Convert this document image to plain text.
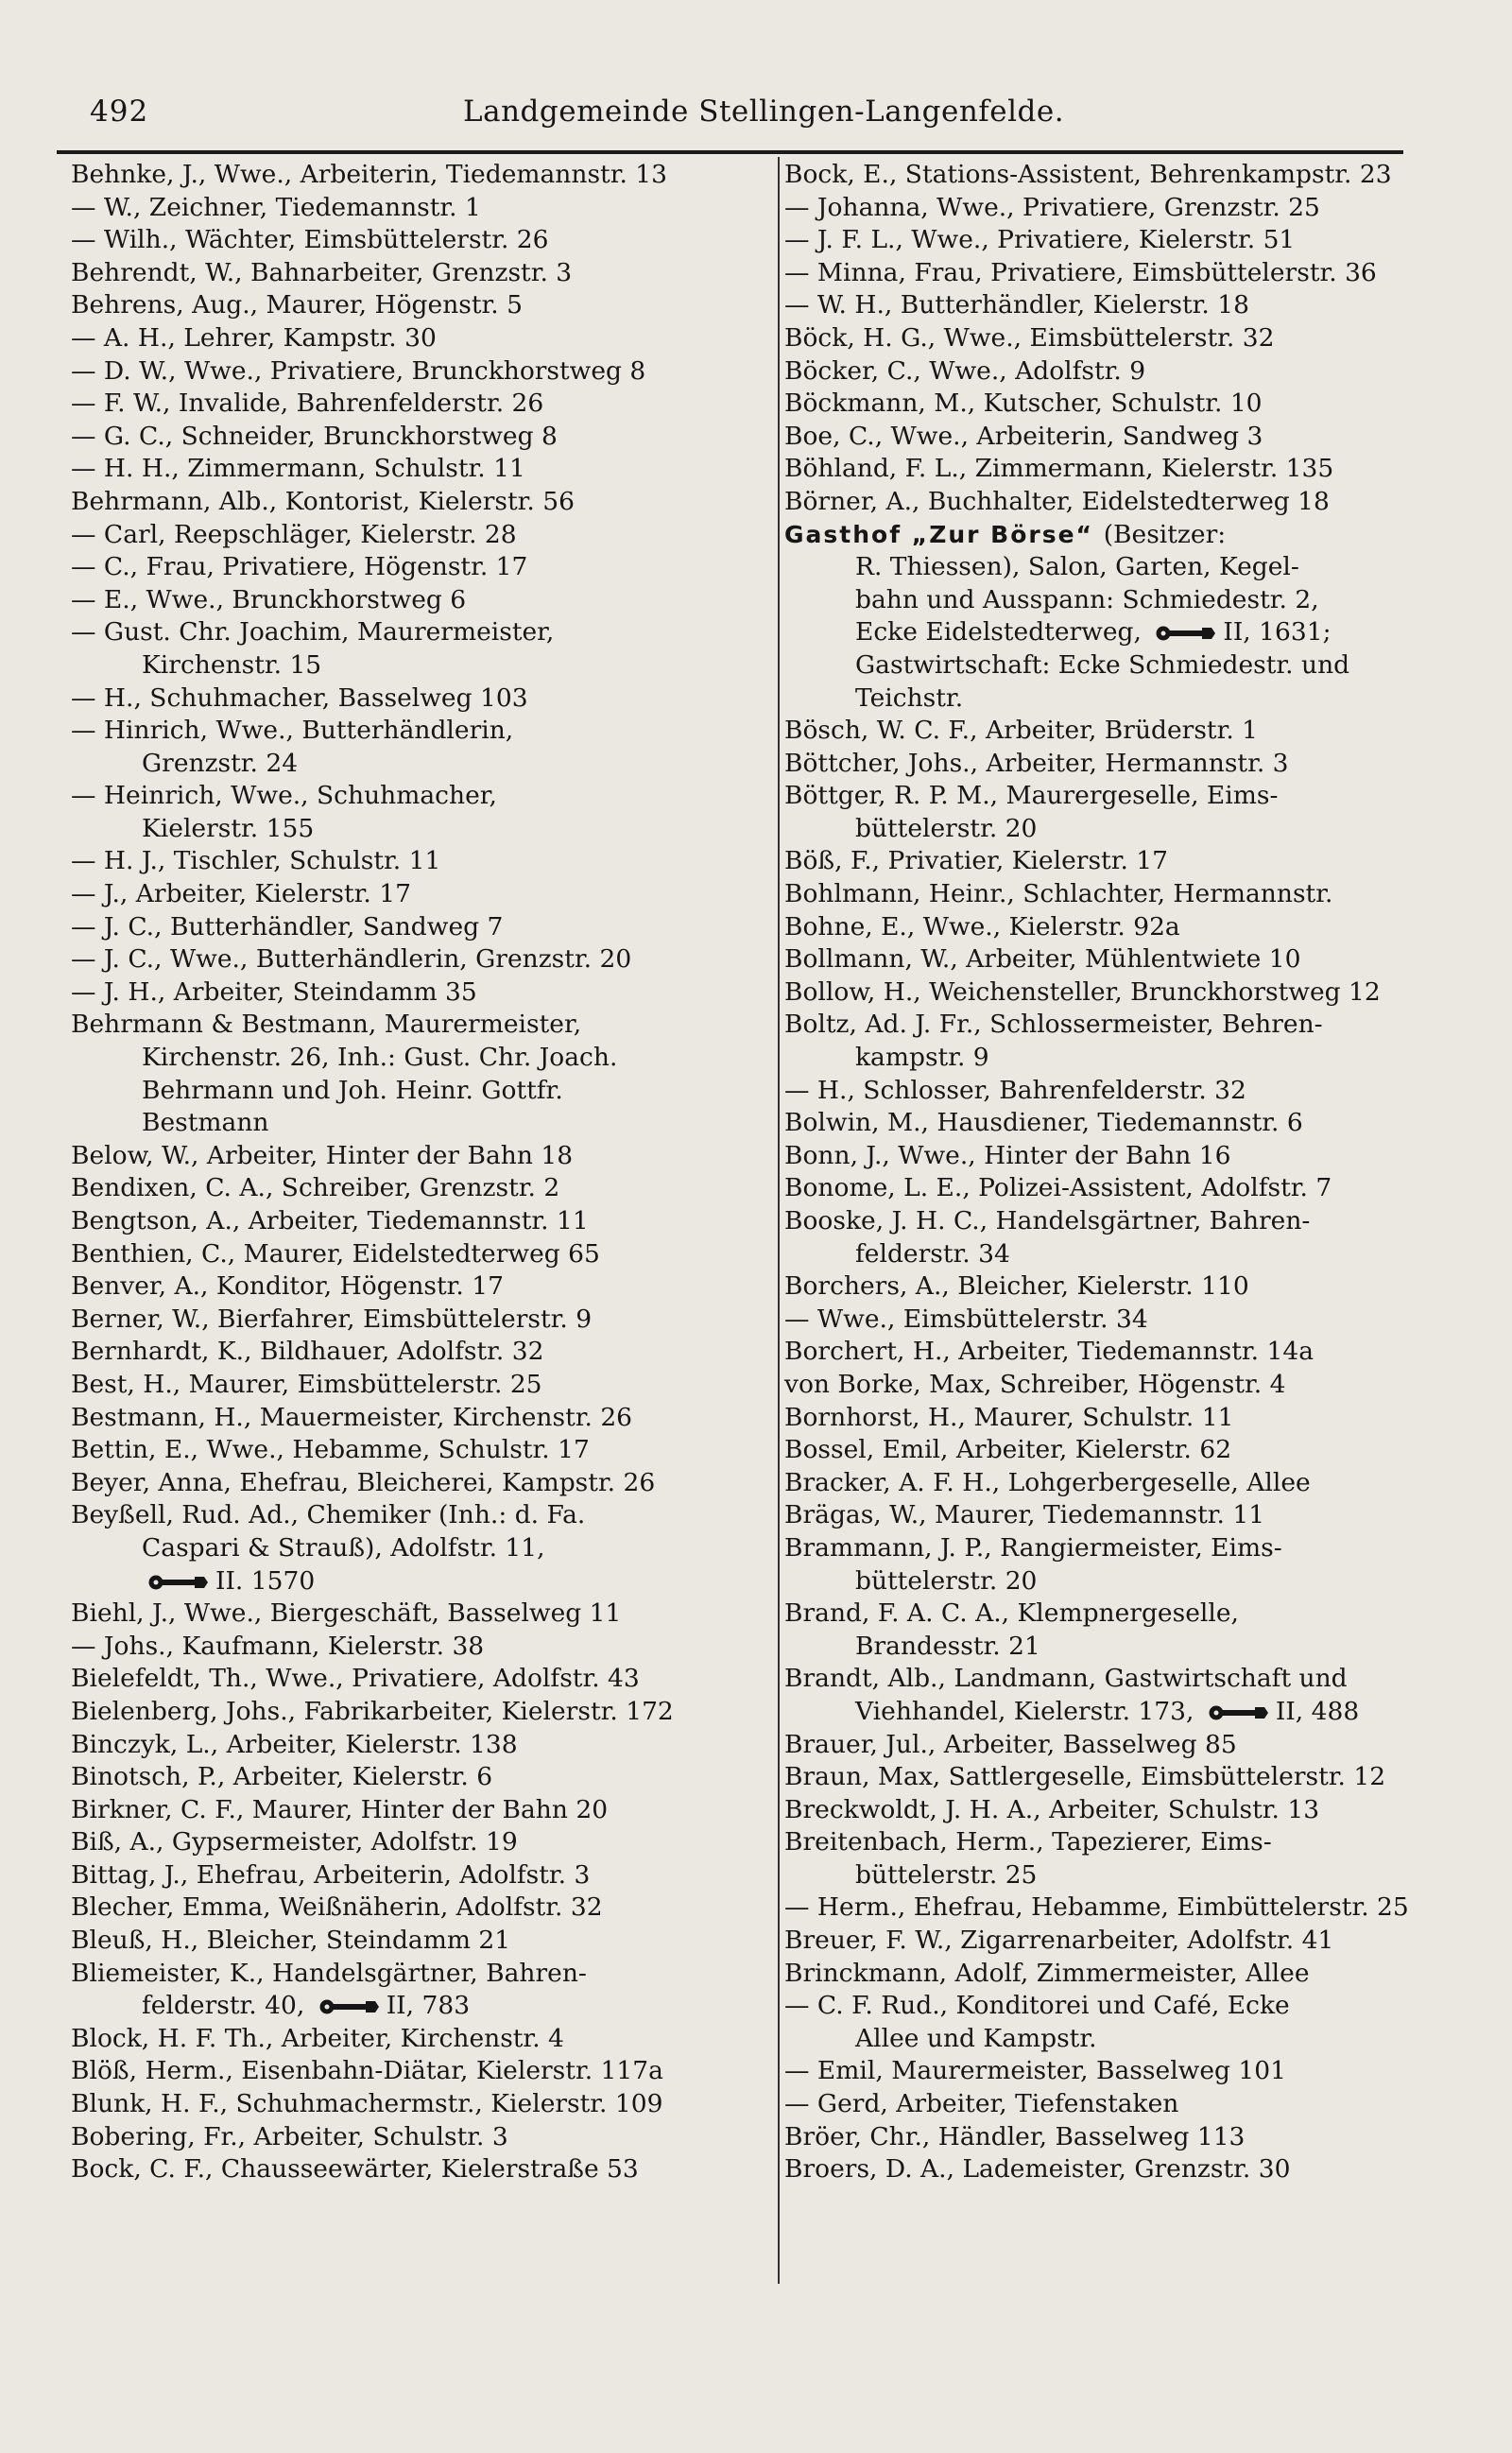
492	Landgemeinde Stellingen-Langenfelde.
Behnke, J., Wwe., Arbeiterin, Tiedemannstr. 13
— W., Zeichner, Tiedemannstr. 1
— Wilh., Wächter, Eimsbüttelerstr. 26
Behrendt, W., Bahnarbeiter, Grenzstr. 3
Behrens, Aug., Maurer, Högenstr. 5
— A. H., Lehrer, Kampstr. 30
— D. W., Wwe., Privatiere, Brunckhorstweg 8
— F. W., Invalide, Bahrenfelderstr. 26
— G. C., Schneider, Brunckhorstweg 8
— H. H., Zimmermann, Schulstr. 11
Behrmann, Alb., Kontorist, Kielerstr. 56
— Carl, Reepschläger, Kielerstr. 28
— C., Frau, Privatiere, Högenstr. 17
— E., Wwe., Brunckhorstweg 6
— Gust. Chr. Joachim, Maurermeister,
Kirchenstr. 15
— H., Schuhmacher, Basselweg 103
— Hinrich, Wwe., Butterhändlerin,
Grenzstr. 24
— Heinrich, Wwe., Schuhmacher,
Kielerstr. 155
— H. J., Tischler, Schulstr. 11
— J., Arbeiter, Kielerstr. 17
— J. C., Butterhändler, Sandweg 7
— J. C., Wwe., Butterhändlerin, Grenzstr. 20
— J. H., Arbeiter, Steindamm 35
Behrmann & Bestmann, Maurermeister,
Kirchenstr. 26, Inh.: Gust. Chr. Joach.
Behrmann und Joh. Heinr. Gottfr.
Bestmann
Below, W., Arbeiter, Hinter der Bahn 18
Bendixen, C. A., Schreiber, Grenzstr. 2
Bengtson, A., Arbeiter, Tiedemannstr. 11
Benthien, C., Maurer, Eidelstedterweg 65
Benver, A., Konditor, Högenstr. 17
Berner, W., Bierfahrer, Eimsbüttelerstr. 9
Bernhardt, K., Bildhauer, Adolfstr. 32
Best, H., Maurer, Eimsbüttelerstr. 25
Bestmann, H., Mauermeister, Kirchenstr. 26
Bettin, E., Wwe., Hebamme, Schulstr. 17
Beyer, Anna, Ehefrau, Bleicherei, Kampstr. 26
Beyßell, Rud. Ad., Chemiker (Inh.: d. Fa.
Caspari & Strauß), Adolfstr. 11,
II. 1570
Biehl, J., Wwe., Biergeschäft, Basselweg 11
— Johs., Kaufmann, Kielerstr. 38
Bielefeldt, Th., Wwe., Privatiere, Adolfstr. 43
Bielenberg, Johs., Fabrikarbeiter, Kielerstr. 172
Binczyk, L., Arbeiter, Kielerstr. 138
Binotsch, P., Arbeiter, Kielerstr. 6
Birkner, C. F., Maurer, Hinter der Bahn 20
Biß, A., Gypsermeister, Adolfstr. 19
Bittag, J., Ehefrau, Arbeiterin, Adolfstr. 3
Blecher, Emma, Weißnäherin, Adolfstr. 32
Bleuß, H., Bleicher, Steindamm 21
Bliemeister, K., Handelsgärtner, Bahren-
felderstr. 40,	II, 783
Block, H. F. Th., Arbeiter, Kirchenstr. 4
Blöß, Herm., Eisenbahn-Diätar, Kielerstr. 117a
Blunk, H. F., Schuhmachermstr., Kielerstr. 109
Bobering, Fr., Arbeiter, Schulstr. 3
Bock, C. F., Chausseewärter, Kielerstraße 53
Bock, E., Stations-Assistent, Behrenkampstr. 23
— Johanna, Wwe., Privatiere, Grenzstr. 25
— J. F. L., Wwe., Privatiere, Kielerstr. 51
— Minna, Frau, Privatiere, Eimsbüttelerstr. 36
— W. H., Butterhändler, Kielerstr. 18
Böck, H. G., Wwe., Eimsbüttelerstr. 32
Böcker, C., Wwe., Adolfstr. 9
Böckmann, M., Kutscher, Schulstr. 10
Boe, C., Wwe., Arbeiterin, Sandweg 3
Böhland, F. L., Zimmermann, Kielerstr. 135
Börner, A., Buchhalter, Eidelstedterweg 18
Gasthof „Zur Börse“ (Besitzer:
R. Thiessen), Salon, Garten, Kegel-
bahn und Ausspann: Schmiedestr. 2,
Ecke Eidelstedterweg,	II, 1631;
Gastwirtschaft: Ecke Schmiedestr. und
Teichstr.
Bösch, W. C. F., Arbeiter, Brüderstr. 1
Böttcher, Johs., Arbeiter, Hermannstr. 3
Böttger, R. P. M., Maurergeselle, Eims-
büttelerstr. 20
Böß, F., Privatier, Kielerstr. 17
Bohlmann, Heinr., Schlachter, Hermannstr.
Bohne, E., Wwe., Kielerstr. 92a
Bollmann, W., Arbeiter, Mühlentwiete 10
Bollow, H., Weichensteller, Brunckhorstweg 12
Boltz, Ad. J. Fr., Schlossermeister, Behren-
kampstr. 9
— H., Schlosser, Bahrenfelderstr. 32
Bolwin, M., Hausdiener, Tiedemannstr. 6
Bonn, J., Wwe., Hinter der Bahn 16
Bonome, L. E., Polizei-Assistent, Adolfstr. 7
Booske, J. H. C., Handelsgärtner, Bahren-
felderstr. 34
Borchers, A., Bleicher, Kielerstr. 110
— Wwe., Eimsbüttelerstr. 34
Borchert, H., Arbeiter, Tiedemannstr. 14a
von Borke, Max, Schreiber, Högenstr. 4
Bornhorst, H., Maurer, Schulstr. 11
Bossel, Emil, Arbeiter, Kielerstr. 62
Bracker, A. F. H., Lohgerbergeselle, Allee
Brägas, W., Maurer, Tiedemannstr. 11
Brammann, J. P., Rangiermeister, Eims-
büttelerstr. 20
Brand, F. A. C. A., Klempnergeselle,
Brandesstr. 21
Brandt, Alb., Landmann, Gastwirtschaft und
Viehhandel, Kielerstr. 173,	II, 488
Brauer, Jul., Arbeiter, Basselweg 85
Braun, Max, Sattlergeselle, Eimsbüttelerstr. 12
Breckwoldt, J. H. A., Arbeiter, Schulstr. 13
Breitenbach, Herm., Tapezierer, Eims-
büttelerstr. 25
— Herm., Ehefrau, Hebamme, Eimbüttelerstr. 25
Breuer, F. W., Zigarrenarbeiter, Adolfstr. 41
Brinckmann, Adolf, Zimmermeister, Allee
— C. F. Rud., Konditorei und Café, Ecke
Allee und Kampstr.
— Emil, Maurermeister, Basselweg 101
— Gerd, Arbeiter, Tiefenstaken
Bröer, Chr., Händler, Basselweg 113
Broers, D. A., Lademeister, Grenzstr. 30
